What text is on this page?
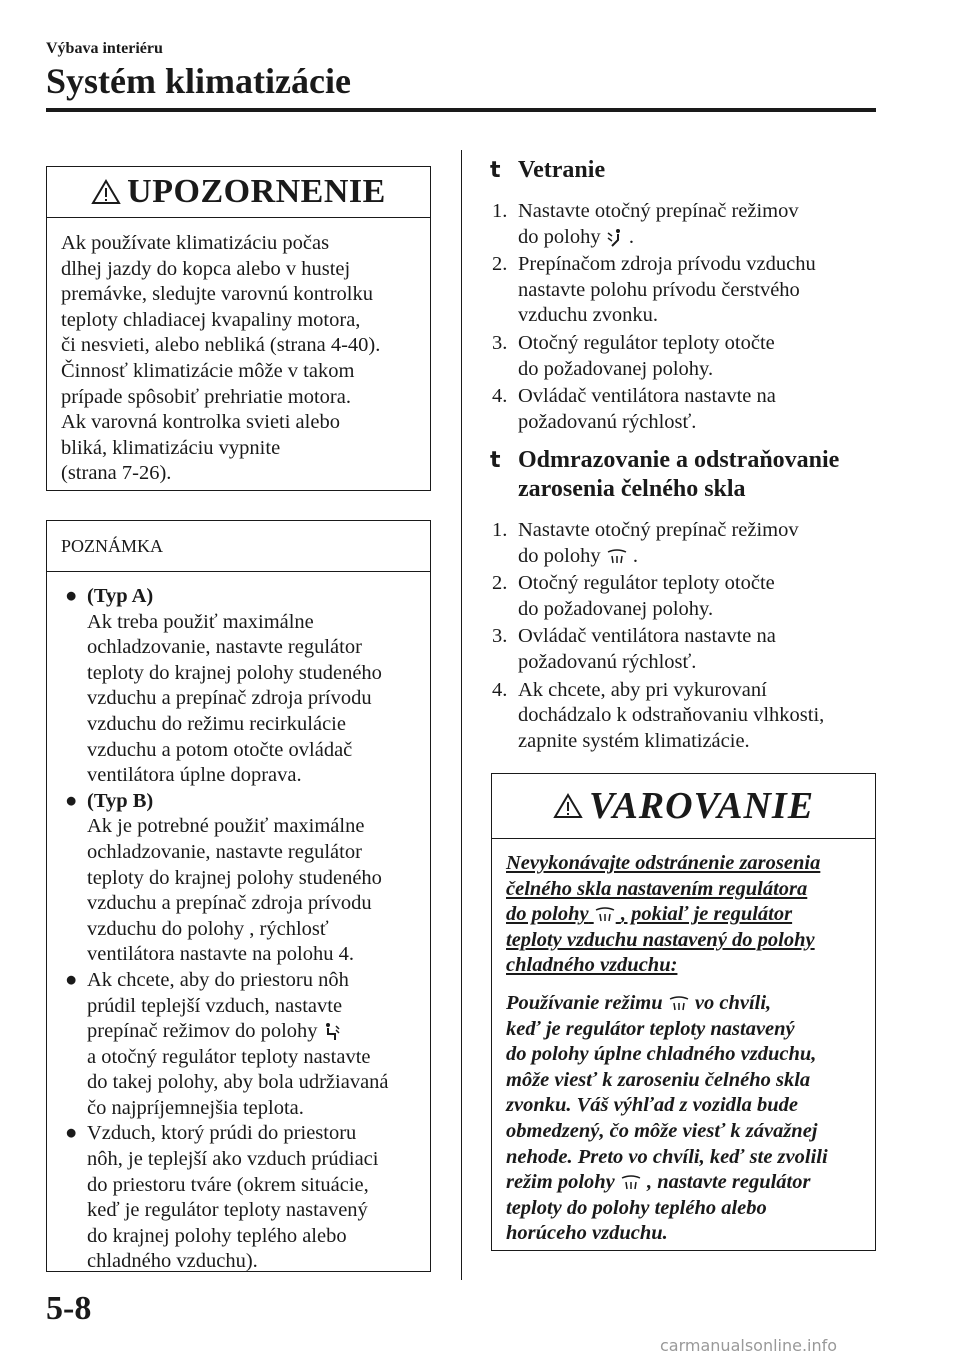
Výbava interiéru
Systém klimatizácie
UPOZORNENIE
Ak používate klimatizáciu počas
dlhej jazdy do kopca alebo v hustej
premávke, sledujte varovnú kontrolku
teploty chladiacej kvapaliny motora,
či nesvieti, alebo nebliká (strana 4-40).
Činnosť klimatizácie môže v takom
prípade spôsobiť prehriatie motora.
Ak varovná kontrolka svieti alebo
bliká, klimatizáciu vypnite
(strana 7-26).
POZNÁMKA
● (Typ A)
Ak treba použiť maximálne
ochladzovanie, nastavte regulátor
teploty do krajnej polohy studeného
vzduchu a prepínač zdroja prívodu
vzduchu do režimu recirkulácie
vzduchu a potom otočte ovládač
ventilátora úplne doprava.
● (Typ B)
Ak je potrebné použiť maximálne
ochladzovanie, nastavte regulátor
teploty do krajnej polohy studeného
vzduchu a prepínač zdroja prívodu
vzduchu do polohy , rýchlosť
ventilátora nastavte na polohu 4.
● Ak chcete, aby do priestoru nôh
prúdil teplejší vzduch, nastavte
prepínač režimov do polohy
a otočný regulátor teploty nastavte
do takej polohy, aby bola udržiavaná
čo najpríjemnejšia teplota.
● Vzduch, ktorý prúdi do priestoru
nôh, je teplejší ako vzduch prúdiaci
do priestoru tváre (okrem situácie,
keď je regulátor teploty nastavený
do krajnej polohy teplého alebo
chladného vzduchu).
t Vetranie
1. Nastavte otočný prepínač režimov
do polohy .
2. Prepínačom zdroja prívodu vzduchu
nastavte polohu prívodu čerstvého
vzduchu zvonku.
3. Otočný regulátor teploty otočte
do požadovanej polohy.
4. Ovládač ventilátora nastavte na
požadovanú rýchlosť.
t Odmrazovanie a odstraňovanie
zarosenia čelného skla
1. Nastavte otočný prepínač režimov
do polohy .
2. Otočný regulátor teploty otočte
do požadovanej polohy.
3. Ovládač ventilátora nastavte na
požadovanú rýchlosť.
4. Ak chcete, aby pri vykurovaní
dochádzalo k odstraňovaniu vlhkosti,
zapnite systém klimatizácie.
VAROVANIE
Nevykonávajte odstránenie zarosenia
čelného skla nastavením regulátora
do polohy , pokiaľ je regulátor
teploty vzduchu nastavený do polohy
chladného vzduchu:
Používanie režimu vo chvíli,
keď je regulátor teploty nastavený
do polohy úplne chladného vzduchu,
môže viesť k zaroseniu čelného skla
zvonku. Váš výhľad z vozidla bude
obmedzený, čo môže viesť k závažnej
nehode. Preto vo chvíli, keď ste zvolili
režim polohy , nastavte regulátor
teploty do polohy teplého alebo
horúceho vzduchu.
5-8
carmanualsonline.info
